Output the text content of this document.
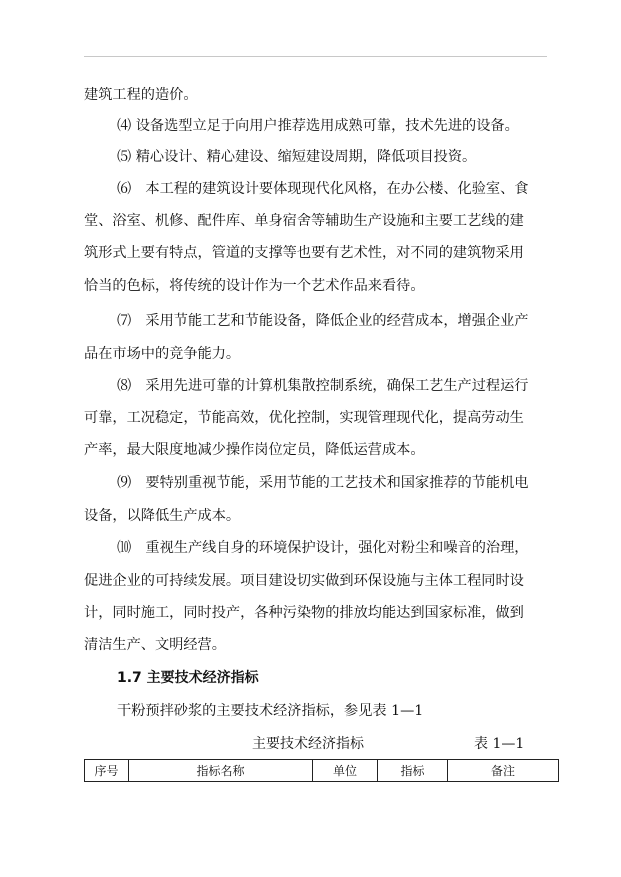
建筑工程的造价。
⑷ 设备选型立足于向用户推荐选用成熟可靠，技术先进的设备。
⑸ 精心设计、精心建设、缩短建设周期，降低项目投资。
⑹　本工程的建筑设计要体现现代化风格，在办公楼、化验室、食
堂、浴室、机修、配件库、单身宿舍等辅助生产设施和主要工艺线的建
筑形式上要有特点，管道的支撑等也要有艺术性，对不同的建筑物采用
恰当的色标，将传统的设计作为一个艺术作品来看待。
⑺　采用节能工艺和节能设备，降低企业的经营成本，增强企业产
品在市场中的竞争能力。
⑻　采用先进可靠的计算机集散控制系统，确保工艺生产过程运行
可靠，工况稳定，节能高效，优化控制，实现管理现代化，提高劳动生
产率，最大限度地减少操作岗位定员，降低运营成本。
⑼　要特别重视节能，采用节能的工艺技术和国家推荐的节能机电
设备，以降低生产成本。
⑽　重视生产线自身的环境保护设计，强化对粉尘和噪音的治理，
促进企业的可持续发展。项目建设切实做到环保设施与主体工程同时设
计，同时施工，同时投产，各种污染物的排放均能达到国家标准，做到
清洁生产、文明经营。
1.7 主要技术经济指标
干粉预拌砂浆的主要技术经济指标，参见表 1—1
主要技术经济指标	表 1—1
序号	指标名称	单位	指标	备注
